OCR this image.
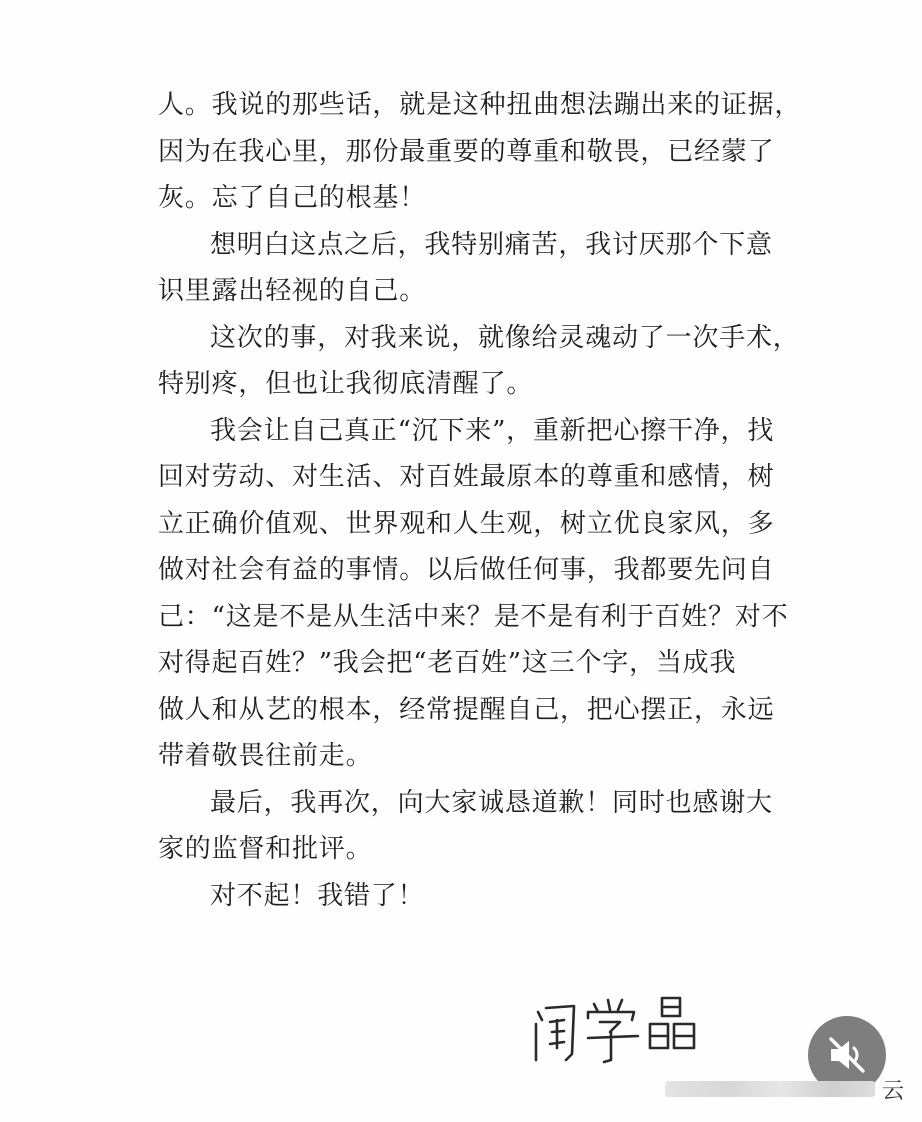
人。我说的那些话，就是这种扭曲想法蹦出来的证据，
因为在我心里，那份最重要的尊重和敬畏，已经蒙了
灰。忘了自己的根基！
想明白这点之后，我特别痛苦，我讨厌那个下意
识里露出轻视的自己。
这次的事，对我来说，就像给灵魂动了一次手术，
特别疼，但也让我彻底清醒了。
我会让自己真正“沉下来”，重新把心擦干净，找
回对劳动、对生活、对百姓最原本的尊重和感情，树
立正确价值观、世界观和人生观，树立优良家风，多
做对社会有益的事情。以后做任何事，我都要先问自
己：“这是不是从生活中来？是不是有利于百姓？对不
对得起百姓？”我会把“老百姓”这三个字，当成我
做人和从艺的根本，经常提醒自己，把心摆正，永远
带着敬畏往前走。
最后，我再次，向大家诚恳道歉！同时也感谢大
家的监督和批评。
对不起！我错了！
云
